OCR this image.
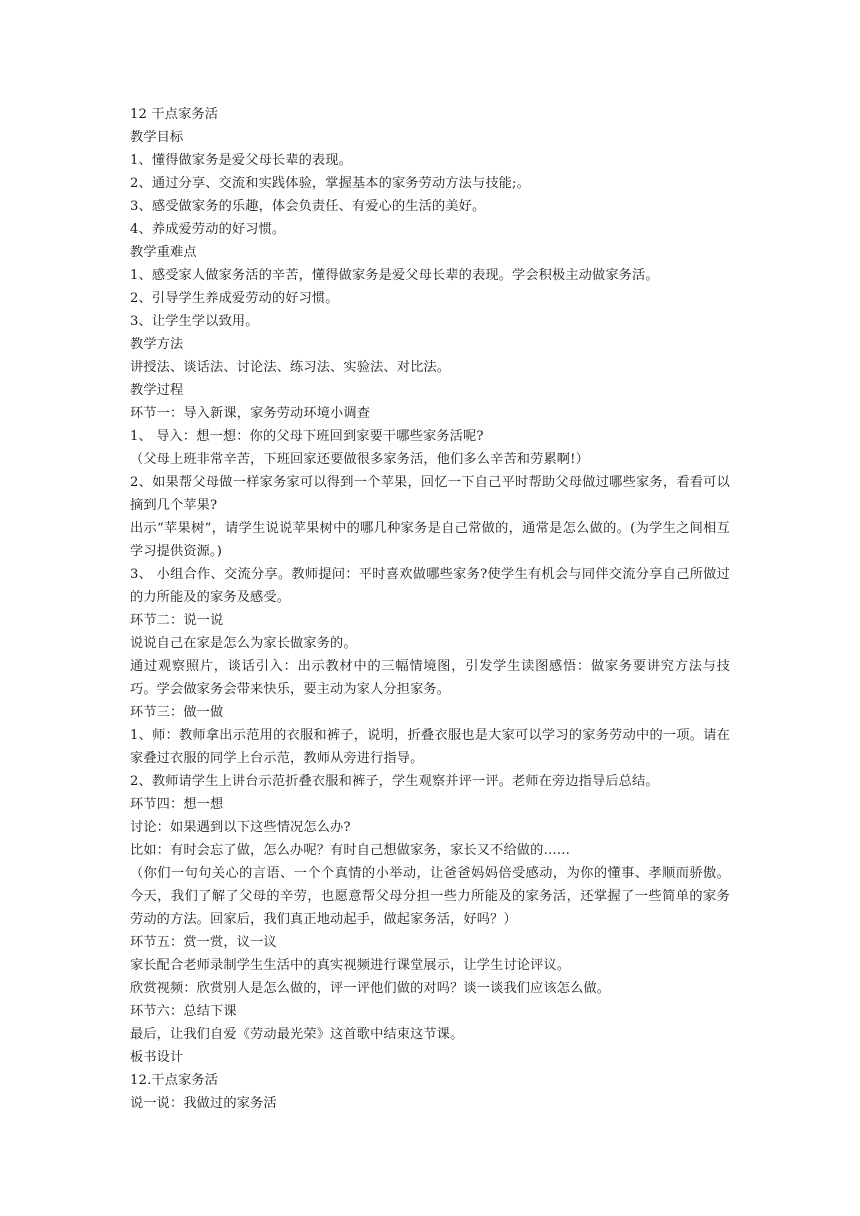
12 干点家务活
教学目标
1、懂得做家务是爱父母长辈的表现。
2、通过分享、交流和实践体验，掌握基本的家务劳动方法与技能;。
3、感受做家务的乐趣，体会负责任、有爱心的生活的美好。
4、养成爱劳动的好习惯。
教学重难点
1、感受家人做家务活的辛苦，懂得做家务是爱父母长辈的表现。学会积极主动做家务活。
2、引导学生养成爱劳动的好习惯。
3、让学生学以致用。
教学方法
讲授法、谈话法、讨论法、练习法、实验法、对比法。
教学过程
环节一：导入新课，家务劳动环境小调查
1、 导入：想一想：你的父母下班回到家要干哪些家务活呢?
（父母上班非常辛苦，下班回家还要做很多家务活，他们多么辛苦和劳累啊!）
2、如果帮父母做一样家务家可以得到一个苹果，回忆一下自己平时帮助父母做过哪些家务，看看可以摘到几个苹果?
出示“苹果树”，请学生说说苹果树中的哪几种家务是自己常做的，通常是怎么做的。(为学生之间相互学习提供资源。)
3、 小组合作、交流分享。教师提问：平时喜欢做哪些家务?使学生有机会与同伴交流分享自己所做过的力所能及的家务及感受。
环节二：说一说
说说自己在家是怎么为家长做家务的。
通过观察照片，谈话引入：出示教材中的三幅情境图，引发学生读图感悟：做家务要讲究方法与技巧。学会做家务会带来快乐，要主动为家人分担家务。
环节三：做一做
1、师：教师拿出示范用的衣服和裤子，说明，折叠衣服也是大家可以学习的家务劳动中的一项。请在家叠过衣服的同学上台示范，教师从旁进行指导。
2、教师请学生上讲台示范折叠衣服和裤子，学生观察并评一评。老师在旁边指导后总结。
环节四：想一想
讨论：如果遇到以下这些情况怎么办?
比如：有时会忘了做，怎么办呢？有时自己想做家务，家长又不给做的……
（你们一句句关心的言语、一个个真情的小举动，让爸爸妈妈倍受感动，为你的懂事、孝顺而骄傲。今天，我们了解了父母的辛劳，也愿意帮父母分担一些力所能及的家务活，还掌握了一些简单的家务劳动的方法。回家后，我们真正地动起手，做起家务活，好吗？）
环节五：赏一赏，议一议
家长配合老师录制学生生活中的真实视频进行课堂展示，让学生讨论评议。
欣赏视频：欣赏别人是怎么做的，评一评他们做的对吗？谈一谈我们应该怎么做。
环节六：总结下课
最后，让我们自爱《劳动最光荣》这首歌中结束这节课。
板书设计
12.干点家务活
说一说：我做过的家务活
